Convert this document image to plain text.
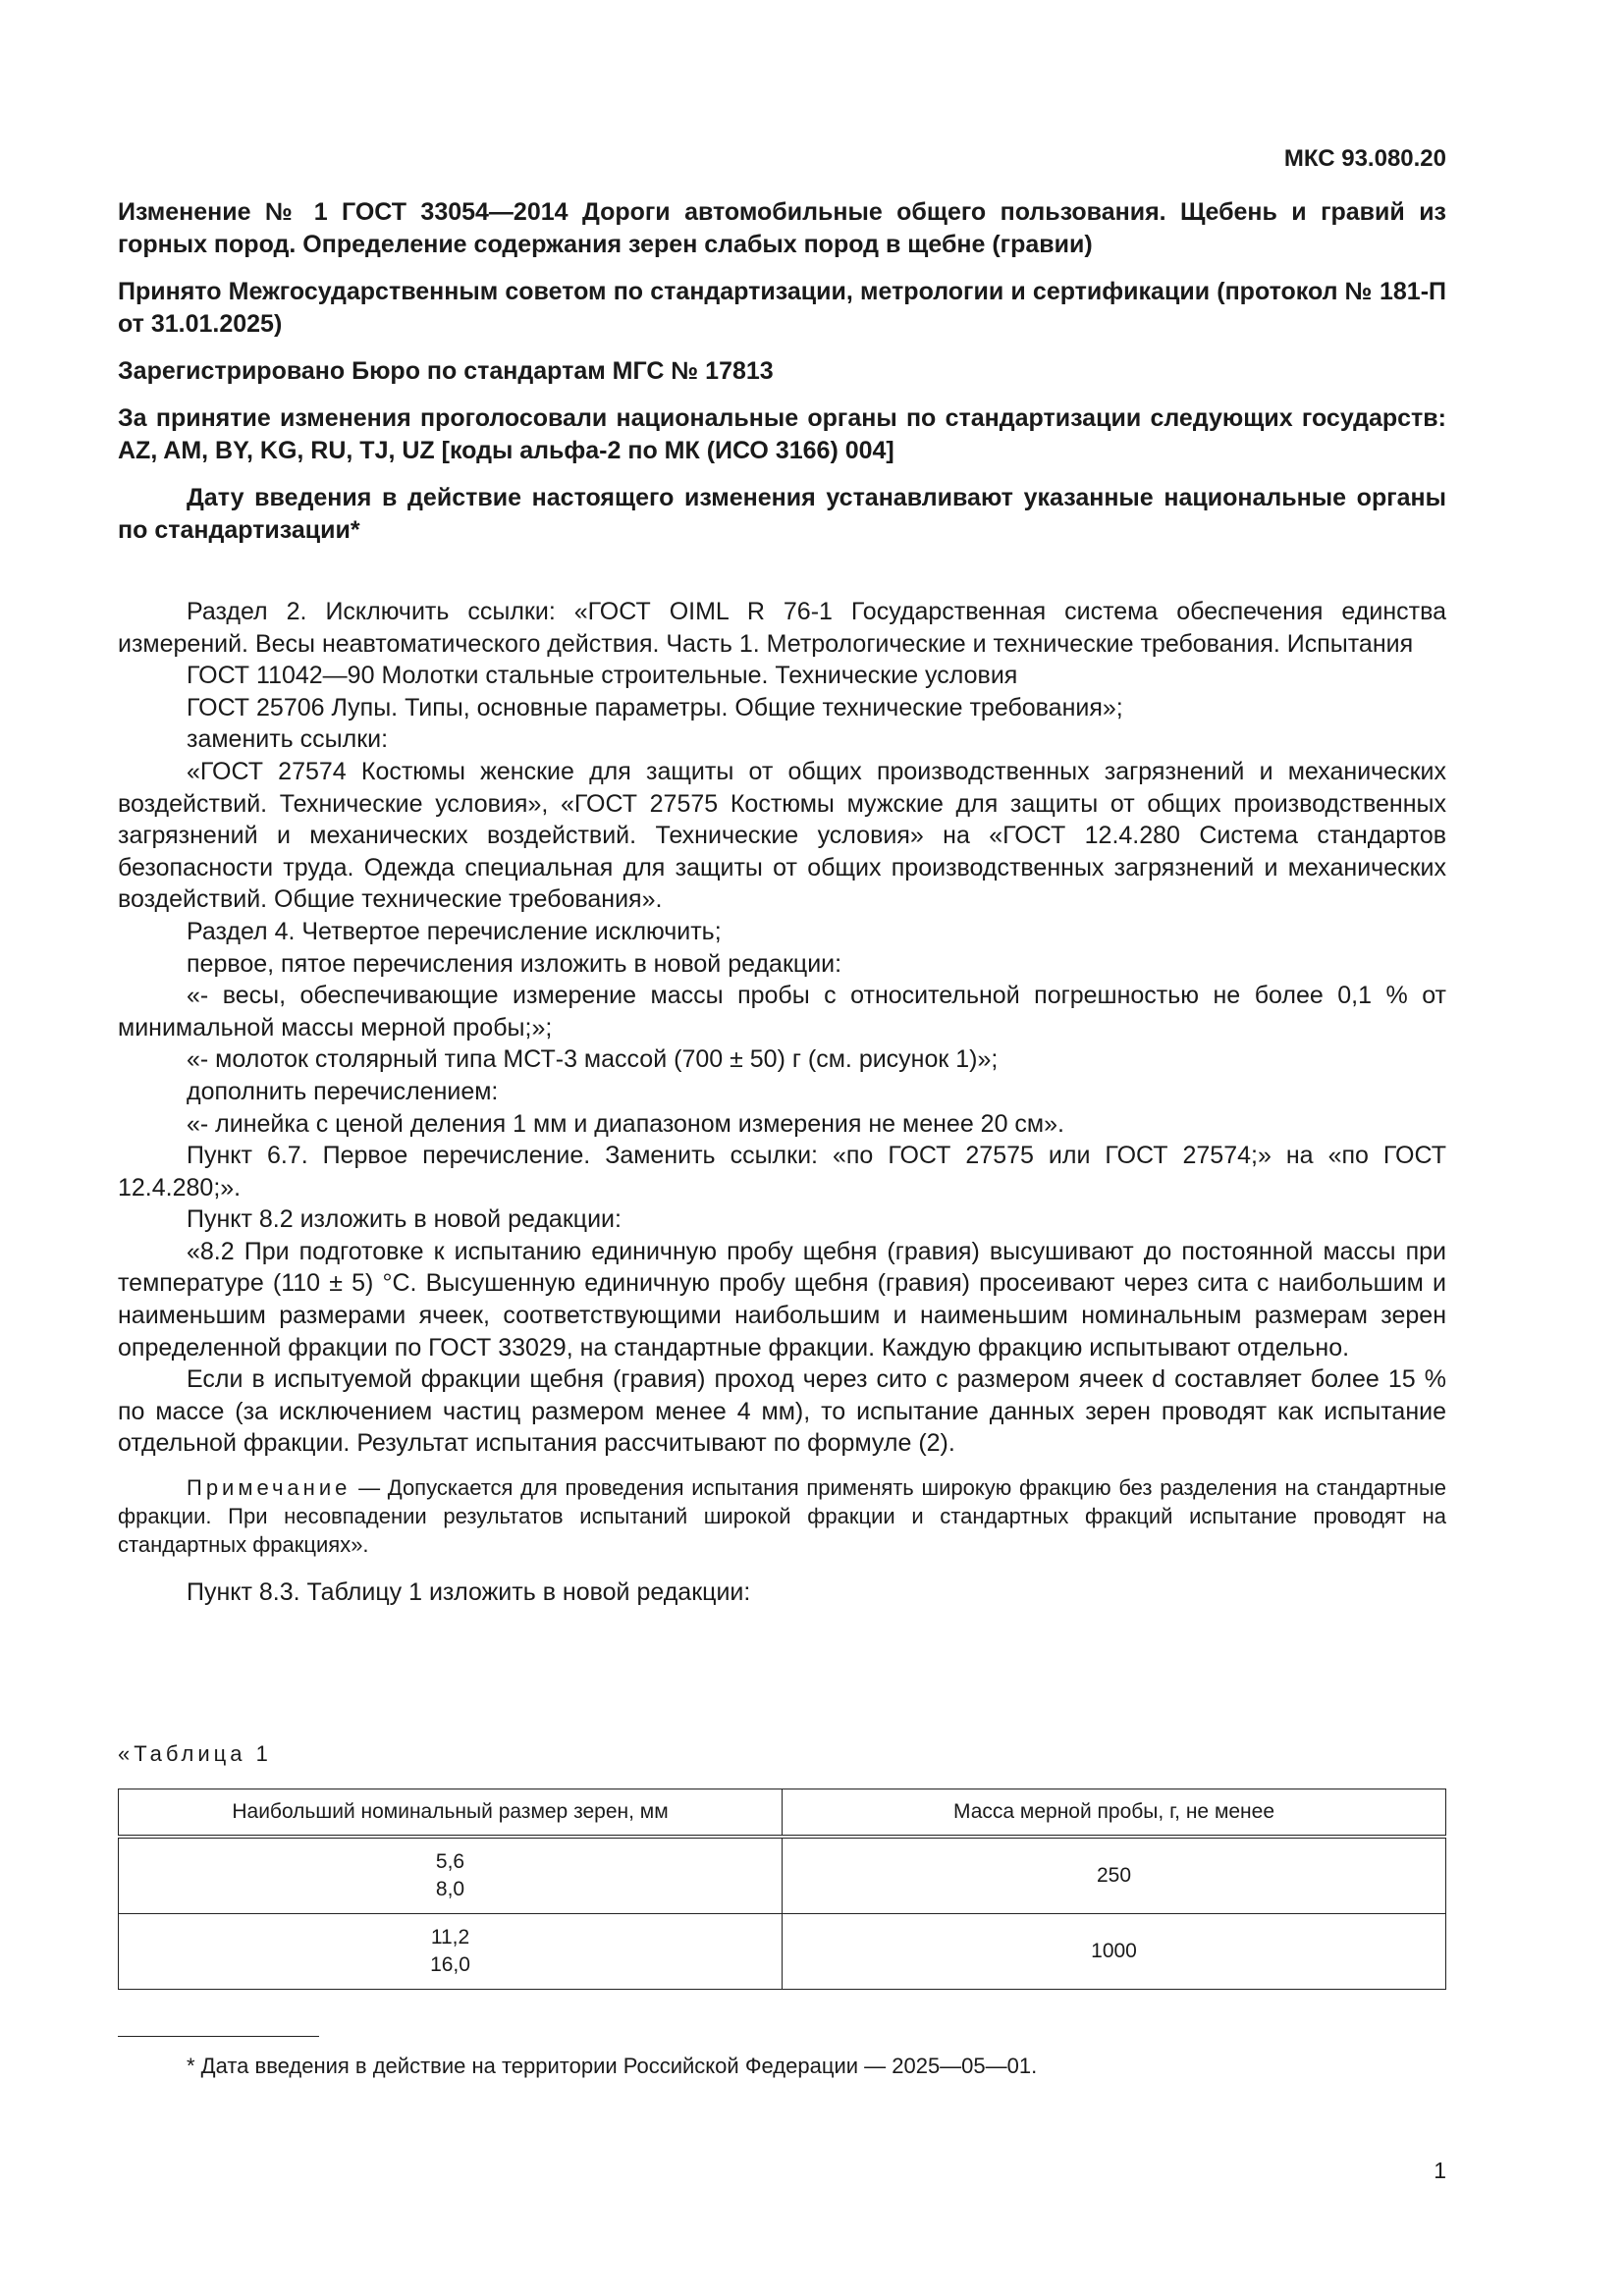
МКС 93.080.20

Изменение № 1 ГОСТ 33054—2014 Дороги автомобильные общего пользования. Щебень и гравий из горных пород. Определение содержания зерен слабых пород в щебне (гравии)

Принято Межгосударственным советом по стандартизации, метрологии и сертификации (протокол № 181-П от 31.01.2025)

Зарегистрировано Бюро по стандартам МГС № 17813

За принятие изменения проголосовали национальные органы по стандартизации следующих государств: AZ, AM, BY, KG, RU, TJ, UZ [коды альфа-2 по МК (ИСО 3166) 004]

Дату введения в действие настоящего изменения устанавливают указанные национальные органы по стандартизации*

Раздел 2. Исключить ссылки: «ГОСТ OIML R 76-1 Государственная система обеспечения единства измерений. Весы неавтоматического действия. Часть 1. Метрологические и технические требования. Испытания

ГОСТ 11042—90 Молотки стальные строительные. Технические условия

ГОСТ 25706 Лупы. Типы, основные параметры. Общие технические требования»;

заменить ссылки:

«ГОСТ 27574 Костюмы женские для защиты от общих производственных загрязнений и механических воздействий. Технические условия», «ГОСТ 27575 Костюмы мужские для защиты от общих производственных загрязнений и механических воздействий. Технические условия» на «ГОСТ 12.4.280 Система стандартов безопасности труда. Одежда специальная для защиты от общих производственных загрязнений и механических воздействий. Общие технические требования».

Раздел 4. Четвертое перечисление исключить;

первое, пятое перечисления изложить в новой редакции:

«- весы, обеспечивающие измерение массы пробы с относительной погрешностью не более 0,1 % от минимальной массы мерной пробы;»;

«- молоток столярный типа МСТ-3 массой (700 ± 50) г (см. рисунок 1)»;

дополнить перечислением:

«- линейка с ценой деления 1 мм и диапазоном измерения не менее 20 см».

Пункт 6.7. Первое перечисление. Заменить ссылки: «по ГОСТ 27575 или ГОСТ 27574;» на «по ГОСТ 12.4.280;».

Пункт 8.2 изложить в новой редакции:

«8.2 При подготовке к испытанию единичную пробу щебня (гравия) высушивают до постоянной массы при температуре (110 ± 5) °С. Высушенную единичную пробу щебня (гравия) просеивают через сита с наибольшим и наименьшим размерами ячеек, соответствующими наибольшим и наименьшим номинальным размерам зерен определенной фракции по ГОСТ 33029, на стандартные фракции. Каждую фракцию испытывают отдельно.

Если в испытуемой фракции щебня (гравия) проход через сито с размером ячеек d составляет более 15 % по массе (за исключением частиц размером менее 4 мм), то испытание данных зерен проводят как испытание отдельной фракции. Результат испытания рассчитывают по формуле (2).

Примечание — Допускается для проведения испытания применять широкую фракцию без разделения на стандартные фракции. При несовпадении результатов испытаний широкой фракции и стандартных фракций испытание проводят на стандартных фракциях».

Пункт 8.3. Таблицу 1 изложить в новой редакции:

«Таблица 1
Наибольший номинальный размер зерен, мм	Масса мерной пробы, г, не менее
5,6
8,0	250
11,2
16,0	1000
* Дата введения в действие на территории Российской Федерации — 2025—05—01.
1
